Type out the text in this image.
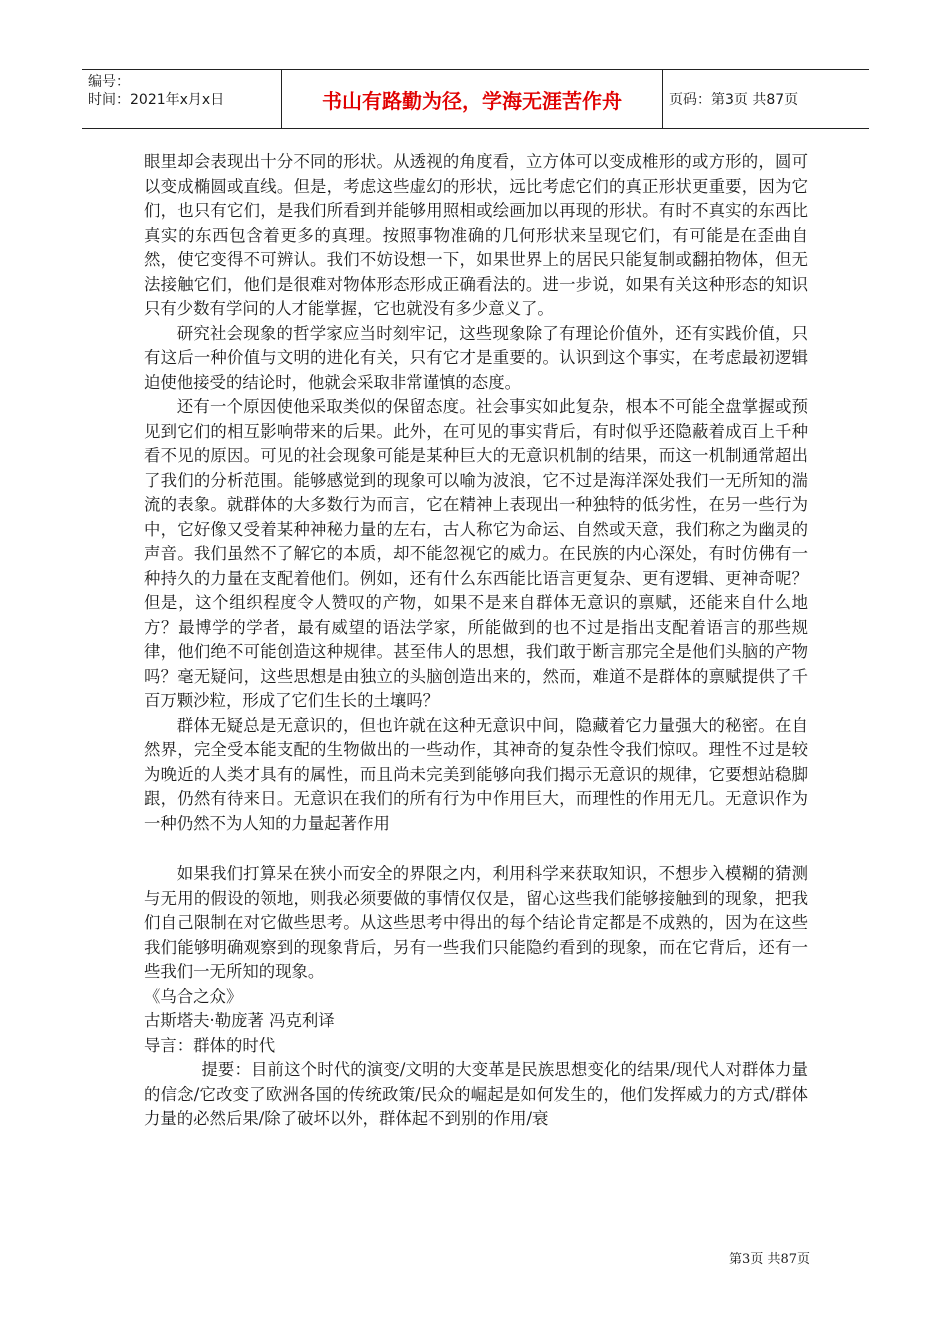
编号：
时间：2021年x月x日	书山有路勤为径，学海无涯苦作舟	页码：第3页 共87页

眼里却会表现出十分不同的形状。从透视的角度看，立方体可以变成椎形的或方形的，圆可以变成椭圆或直线。但是，考虑这些虚幻的形状，远比考虑它们的真正形状更重要，因为它们，也只有它们，是我们所看到并能够用照相或绘画加以再现的形状。有时不真实的东西比真实的东西包含着更多的真理。按照事物准确的几何形状来呈现它们，有可能是在歪曲自然，使它变得不可辨认。我们不妨设想一下，如果世界上的居民只能复制或翻拍物体，但无法接触它们，他们是很难对物体形态形成正确看法的。进一步说，如果有关这种形态的知识只有少数有学问的人才能掌握，它也就没有多少意义了。

研究社会现象的哲学家应当时刻牢记，这些现象除了有理论价值外，还有实践价值，只有这后一种价值与文明的进化有关，只有它才是重要的。认识到这个事实，在考虑最初逻辑迫使他接受的结论时，他就会采取非常谨慎的态度。

还有一个原因使他采取类似的保留态度。社会事实如此复杂，根本不可能全盘掌握或预见到它们的相互影响带来的后果。此外，在可见的事实背后，有时似乎还隐蔽着成百上千种看不见的原因。可见的社会现象可能是某种巨大的无意识机制的结果，而这一机制通常超出了我们的分析范围。能够感觉到的现象可以喻为波浪，它不过是海洋深处我们一无所知的湍流的表象。就群体的大多数行为而言，它在精神上表现出一种独特的低劣性，在另一些行为中，它好像又受着某种神秘力量的左右，古人称它为命运、自然或天意，我们称之为幽灵的声音。我们虽然不了解它的本质，却不能忽视它的威力。在民族的内心深处，有时仿佛有一种持久的力量在支配着他们。例如，还有什么东西能比语言更复杂、更有逻辑、更神奇呢？但是，这个组织程度令人赞叹的产物，如果不是来自群体无意识的禀赋，还能来自什么地方？最博学的学者，最有威望的语法学家，所能做到的也不过是指出支配着语言的那些规律，他们绝不可能创造这种规律。甚至伟人的思想，我们敢于断言那完全是他们头脑的产物吗？毫无疑问，这些思想是由独立的头脑创造出来的，然而，难道不是群体的禀赋提供了千百万颗沙粒，形成了它们生长的土壤吗？

群体无疑总是无意识的，但也许就在这种无意识中间，隐藏着它力量强大的秘密。在自然界，完全受本能支配的生物做出的一些动作，其神奇的复杂性令我们惊叹。理性不过是较为晚近的人类才具有的属性，而且尚未完美到能够向我们揭示无意识的规律，它要想站稳脚跟，仍然有待来日。无意识在我们的所有行为中作用巨大，而理性的作用无几。无意识作为一种仍然不为人知的力量起著作用

如果我们打算呆在狭小而安全的界限之内，利用科学来获取知识，不想步入模糊的猜测与无用的假设的领地，则我必须要做的事情仅仅是，留心这些我们能够接触到的现象，把我们自己限制在对它做些思考。从这些思考中得出的每个结论肯定都是不成熟的，因为在这些我们能够明确观察到的现象背后，另有一些我们只能隐约看到的现象，而在它背后，还有一些我们一无所知的现象。

《乌合之众》

古斯塔夫·勒庞著 冯克利译

导言：群体的时代

提要：目前这个时代的演变/文明的大变革是民族思想变化的结果/现代人对群体力量的信念/它改变了欧洲各国的传统政策/民众的崛起是如何发生的，他们发挥威力的方式/群体力量的必然后果/除了破坏以外，群体起不到别的作用/衰

第3页 共87页
